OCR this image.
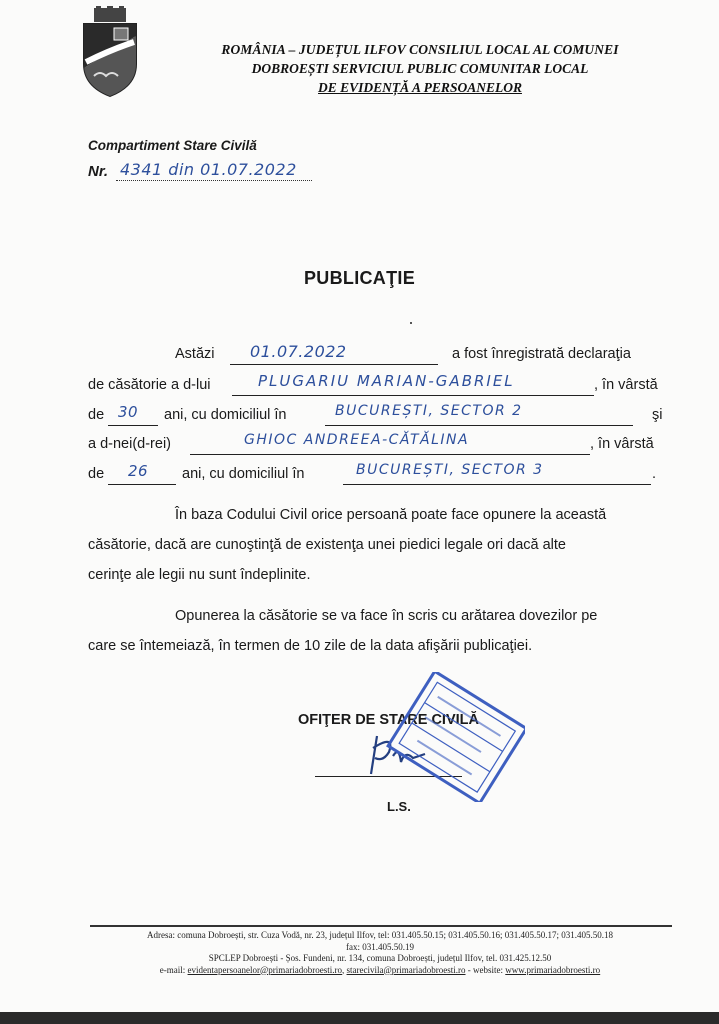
ROMÂNIA – JUDEȚUL ILFOV CONSILIUL LOCAL AL COMUNEI
DOBROEȘTI SERVICIUL PUBLIC COMUNITAR LOCAL
DE EVIDENȚĂ A PERSOANELOR
Compartiment Stare Civilă
Nr. 4341 din 01.07.2022
PUBLICAŢIE
Astăzi 01.07.2022	a fost înregistrată declaraţia
de căsătorie a d-lui	PLUGARIU MARIAN-GABRIEL	, în vârstă
de 30 ani, cu domiciliul în	BUCUREȘTI, SECTOR 2	şi
a d-nei(d-rei)	GHIOC ANDREEA-CĂTĂLINA	, în vârstă
de 26 ani, cu domiciliul în	BUCUREȘTI, SECTOR 3	.
În baza Codului Civil orice persoană poate face opunere la această
căsătorie, dacă are cunoştinţă de existenţa unei piedici legale ori dacă alte
cerinţe ale legii nu sunt îndeplinite.
Opunerea la căsătorie se va face în scris cu arătarea dovezilor pe
care se întemeiază, în termen de 10 zile de la data afişării publicaţiei.
OFIŢER DE STARE CIVILĂ
L.S.
Adresa: comuna Dobroești, str. Cuza Vodă, nr. 23, județul Ilfov, tel: 031.405.50.15; 031.405.50.16; 031.405.50.17; 031.405.50.18
fax: 031.405.50.19
SPCLEP Dobroești - Șos. Fundeni, nr. 134, comuna Dobroești, județul Ilfov, tel. 031.425.12.50
e-mail: evidentapersoanelor@primariadobroesti.ro, starecivila@primariadobroesti.ro - website: www.primariadobroesti.ro
